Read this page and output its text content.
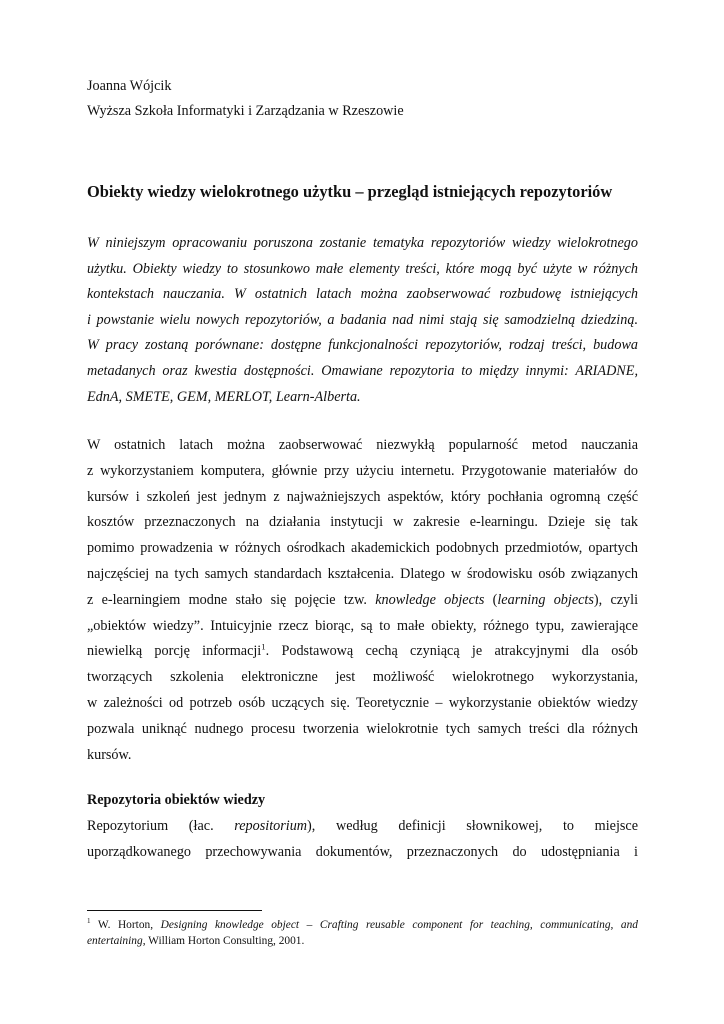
Joanna Wójcik
Wyższa Szkoła Informatyki i Zarządzania w Rzeszowie
Obiekty wiedzy wielokrotnego użytku – przegląd istniejących repozytoriów
W niniejszym opracowaniu poruszona zostanie tematyka repozytoriów wiedzy wielokrotnego
użytku. Obiekty wiedzy to stosunkowo małe elementy treści, które mogą być użyte w różnych
kontekstach nauczania. W ostatnich latach można zaobserwować rozbudowę istniejących
i powstanie wielu nowych repozytoriów, a badania nad nimi stają się samodzielną dziedziną.
W pracy zostaną porównane: dostępne funkcjonalności repozytoriów, rodzaj treści, budowa
metadanych oraz kwestia dostępności. Omawiane repozytoria to między innymi: ARIADNE,
EdnA, SMETE, GEM, MERLOT, Learn-Alberta.
W ostatnich latach można zaobserwować niezwykłą popularność metod nauczania
z wykorzystaniem komputera, głównie przy użyciu internetu. Przygotowanie materiałów do
kursów i szkoleń jest jednym z najważniejszych aspektów, który pochłania ogromną część
kosztów przeznaczonych na działania instytucji w zakresie e-learningu. Dzieje się tak
pomimo prowadzenia w różnych ośrodkach akademickich podobnych przedmiotów, opartych
najczęściej na tych samych standardach kształcenia. Dlatego w środowisku osób związanych
z e-learningiem modne stało się pojęcie tzw. knowledge objects (learning objects), czyli
„obiektów wiedzy”. Intuicyjnie rzecz biorąc, są to małe obiekty, różnego typu, zawierające
niewielką porcję informacji$^1$. Podstawową cechą czyniącą je atrakcyjnymi dla osób
tworzących szkolenia elektroniczne jest możliwość wielokrotnego wykorzystania,
w zależności od potrzeb osób uczących się. Teoretycznie – wykorzystanie obiektów wiedzy
pozwala uniknąć nudnego procesu tworzenia wielokrotnie tych samych treści dla różnych
kursów.
Repozytoria obiektów wiedzy
Repozytorium (łac. repositorium), według definicji słownikowej, to miejsce
uporządkowanego przechowywania dokumentów, przeznaczonych do udostępniania i
$^1$ W. Horton, Designing knowledge object – Crafting reusable component for teaching, communicating, and
entertaining, William Horton Consulting, 2001.
